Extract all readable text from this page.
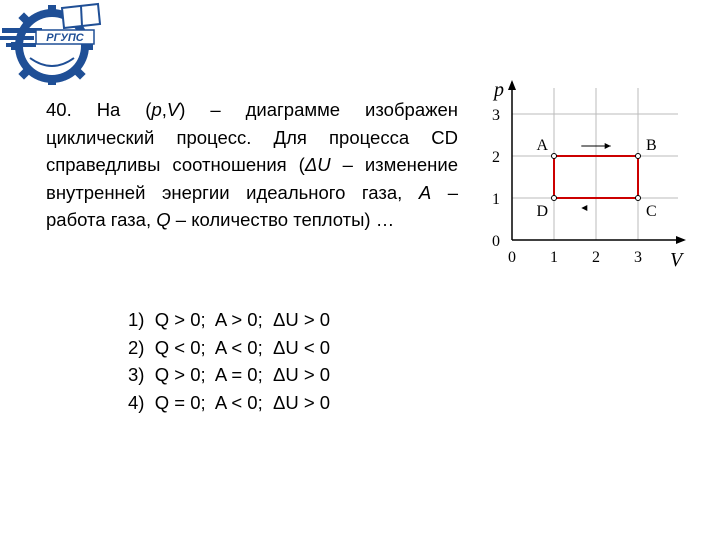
РГУПС

40. На (p,V) – диаграмме изображен циклический процесс. Для процесса CD справедливы соотношения (ΔU – изменение внутренней энергии идеального газа, A – работа газа, Q – количество теплоты) …

p
V
0 1 2 3
0
1
2
3
A	B
C
D
1)  Q > 0;  A > 0;  ΔU > 0
2)  Q < 0;  A < 0;  ΔU < 0
3)  Q > 0;  A = 0;  ΔU > 0
4)  Q = 0;  A < 0;  ΔU > 0
